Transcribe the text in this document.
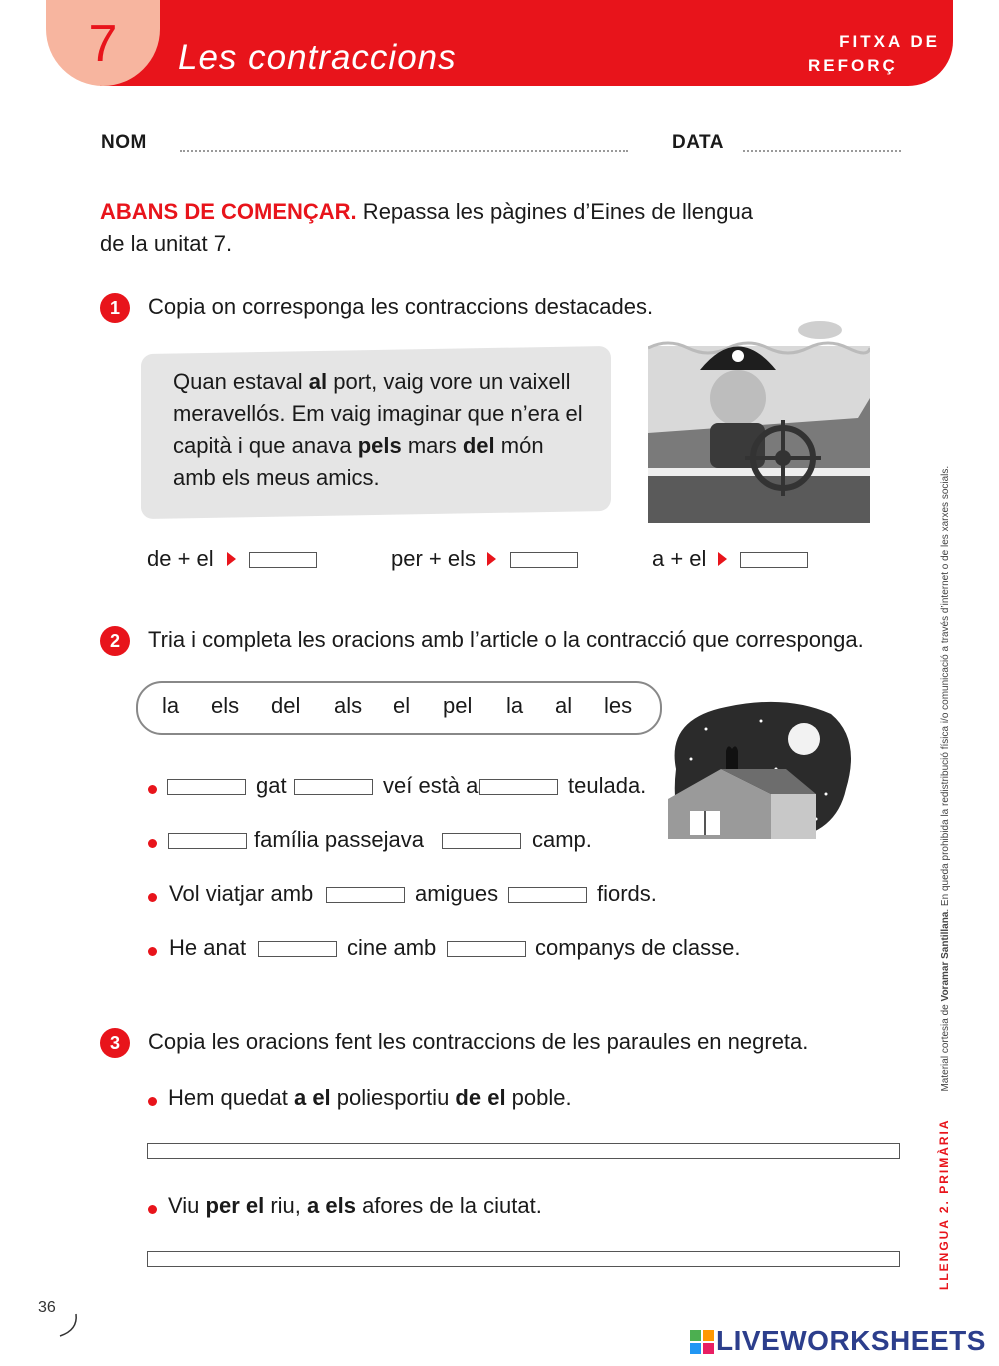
7	Les contraccions	FITXA DE
REFORÇ
NOM	DATA
ABANS DE COMENÇAR. Repassa les pàgines d’Eines de llengua
de la unitat 7.
1	Copia on corresponga les contraccions destacades.
Quan estaval al port, vaig vore un vaixell
meravellós. Em vaig imaginar que n’era el
capità i que anava pels mars del món
amb els meus amics.
de + el	per + els	a + el
2	Tria i completa les oracions amb l’article o la contracció que corresponga.
la els del als el pel la al les
gat	veí està a	teulada.
família passejava	camp.
Vol viatjar amb	amigues	fiords.
He anat	cine amb	companys de classe.
3	Copia les oracions fent les contraccions de les paraules en negreta.
Hem quedat a el poliesportiu de el poble.
Viu per el riu, a els afores de la ciutat.	LLENGUA 2. PRIMÀRIA  Material cortesia de Voramar Santillana. En queda prohibida la redistribució física i/o comunicació a través d’internet o de les xarxes socials.
36
LIVEWORKSHEETS
